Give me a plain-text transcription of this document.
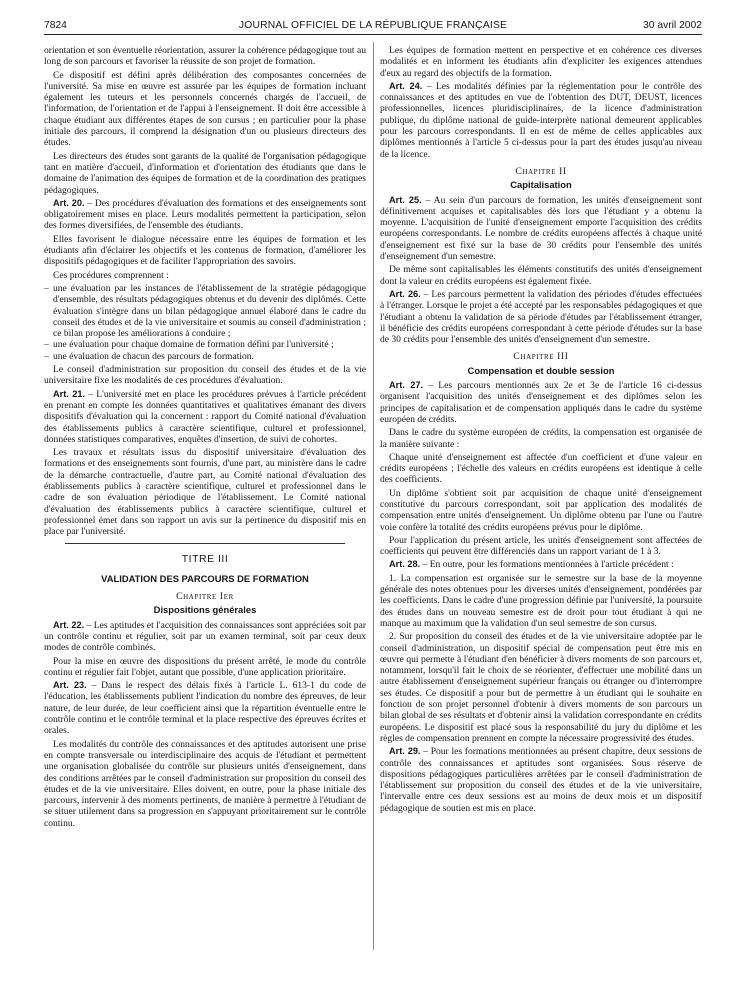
7824	JOURNAL OFFICIEL DE LA RÉPUBLIQUE FRANÇAISE	30 avril 2002

orientation et son éventuelle réorientation, assurer la cohérence pédagogique tout au long de son parcours et favoriser la réussite de son projet de formation.

Ce dispositif est défini après délibération des composantes concernées de l'université. Sa mise en œuvre est assurée par les équipes de formation incluant également les tuteurs et les personnels concernés chargés de l'accueil, de l'information, de l'orientation et de l'appui à l'enseignement. Il doit être accessible à chaque étudiant aux différentes étapes de son cursus ; en particulier pour la phase initiale des parcours, il comprend la désignation d'un ou plusieurs directeurs des études.

Les directeurs des études sont garants de la qualité de l'organisation pédagogique tant en matière d'accueil, d'information et d'orientation des étudiants que dans le domaine de l'animation des équipes de formation et de la coordination des pratiques pédagogiques.

Art. 20. – Des procédures d'évaluation des formations et des enseignements sont obligatoirement mises en place. Leurs modalités permettent la participation, selon des formes diversifiées, de l'ensemble des étudiants.

Elles favorisent le dialogue nécessaire entre les équipes de formation et les étudiants afin d'éclairer les objectifs et les contenus de formation, d'améliorer les dispositifs pédagogiques et de faciliter l'appropriation des savoirs.

Ces procédures comprennent :

– une évaluation par les instances de l'établissement de la stratégie pédagogique d'ensemble, des résultats pédagogiques obtenus et du devenir des diplômés. Cette évaluation s'intègre dans un bilan pédagogique annuel élaboré dans le cadre du conseil des études et de la vie universitaire et soumis au conseil d'administration ; ce bilan propose les améliorations à conduire ;
– une évaluation pour chaque domaine de formation défini par l'université ;
– une évaluation de chacun des parcours de formation.

Le conseil d'administration sur proposition du conseil des études et de la vie universitaire fixe les modalités de ces procédures d'évaluation.

Art. 21. – L'université met en place les procédures prévues à l'article précédent en prenant en compte les données quantitatives et qualitatives émanant des divers dispositifs d'évaluation qui la concernent : rapport du Comité national d'évaluation des établissements publics à caractère scientifique, culturel et professionnel, données statistiques comparatives, enquêtes d'insertion, de suivi de cohortes.

Les travaux et résultats issus du dispositif universitaire d'évaluation des formations et des enseignements sont fournis, d'une part, au ministère dans le cadre de la démarche contractuelle, d'autre part, au Comité national d'évaluation des établissements publics à caractère scientifique, culturel et professionnel dans le cadre de son évaluation périodique de l'établissement. Le Comité national d'évaluation des établissements publics à caractère scientifique, culturel et professionnel émet dans son rapport un avis sur la pertinence du dispositif mis en place par l'université.

TITRE III
VALIDATION DES PARCOURS DE FORMATION
Chapitre Ier
Dispositions générales

Art. 22. – Les aptitudes et l'acquisition des connaissances sont appréciées soit par un contrôle continu et régulier, soit par un examen terminal, soit par ceux deux modes de contrôle combinés.

Pour la mise en œuvre des dispositions du présent arrêté, le mode du contrôle continu et régulier fait l'objet, autant que possible, d'une application prioritaire.

Art. 23. – Dans le respect des délais fixés à l'article L. 613-1 du code de l'éducation, les établissements publient l'indication du nombre des épreuves, de leur nature, de leur durée, de leur coefficient ainsi que la répartition éventuelle entre le contrôle continu et le contrôle terminal et la place respective des épreuves écrites et orales.

Les modalités du contrôle des connaissances et des aptitudes autorisent une prise en compte transversale ou interdisciplinaire des acquis de l'étudiant et permettent une organisation globalisée du contrôle sur plusieurs unités d'enseignement, dans des conditions arrêtées par le conseil d'administration sur proposition du conseil des études et de la vie universitaire. Elles doivent, en outre, pour la phase initiale des parcours, intervenir à des moments pertinents, de manière à permettre à l'étudiant de se situer utilement dans sa progression en s'appuyant prioritairement sur le contrôle continu.

Les équipes de formation mettent en perspective et en cohérence ces diverses modalités et en informent les étudiants afin d'expliciter les exigences attendues d'eux au regard des objectifs de la formation.

Art. 24. – Les modalités définies par la réglementation pour le contrôle des connaissances et des aptitudes en vue de l'obtention des DUT, DEUST, licences professionnelles, licences pluridisciplinaires, de la licence d'administration publique, du diplôme national de guide-interprète national demeurent applicables pour les parcours correspondants. Il en est de même de celles applicables aux diplômes mentionnés à l'article 5 ci-dessus pour la part des études jusqu'au niveau de la licence.

Chapitre II
Capitalisation

Art. 25. – Au sein d'un parcours de formation, les unités d'enseignement sont définitivement acquises et capitalisables dès lors que l'étudiant y a obtenu la moyenne. L'acquisition de l'unité d'enseignement emporte l'acquisition des crédits européens correspondants. Le nombre de crédits européens affectés à chaque unité d'enseignement est fixé sur la base de 30 crédits pour l'ensemble des unités d'enseignement d'un semestre.

De même sont capitalisables les éléments constitutifs des unités d'enseignement dont la valeur en crédits européens est également fixée.

Art. 26. – Les parcours permettent la validation des périodes d'études effectuées à l'étranger. Lorsque le projet a été accepté par les responsables pédagogiques et que l'étudiant a obtenu la validation de sa période d'études par l'établissement étranger, il bénéficie des crédits européens correspondant à cette période d'études sur la base de 30 crédits pour l'ensemble des unités d'enseignement d'un semestre.

Chapitre III
Compensation et double session

Art. 27. – Les parcours mentionnés aux 2e et 3e de l'article 16 ci-dessus organisent l'acquisition des unités d'enseignement et des diplômes selon les principes de capitalisation et de compensation appliqués dans le cadre du système européen de crédits.

Dans le cadre du système européen de crédits, la compensation est organisée de la manière suivante :

Chaque unité d'enseignement est affectée d'un coefficient et d'une valeur en crédits européens ; l'échelle des valeurs en crédits européens est identique à celle des coefficients.

Un diplôme s'obtient soit par acquisition de chaque unité d'enseignement constitutive du parcours correspondant, soit par application des modalités de compensation entre unités d'enseignement. Un diplôme obtenu par l'une ou l'autre voie confère la totalité des crédits européens prévus pour le diplôme.

Pour l'application du présent article, les unités d'enseignement sont affectées de coefficients qui peuvent être différenciés dans un rapport variant de 1 à 3.

Art. 28. – En outre, pour les formations mentionnées à l'article précédent :

1. La compensation est organisée sur le semestre sur la base de la moyenne générale des notes obtenues pour les diverses unités d'enseignement, pondérées par les coefficients. Dans le cadre d'une progression définie par l'université, la poursuite des études dans un nouveau semestre est de droit pour tout étudiant à qui ne manque au maximum que la validation d'un seul semestre de son cursus.

2. Sur proposition du conseil des études et de la vie universitaire adoptée par le conseil d'administration, un dispositif spécial de compensation peut être mis en œuvre qui permette à l'étudiant d'en bénéficier à divers moments de son parcours et, notamment, lorsqu'il fait le choix de se réorienter, d'effectuer une mobilité dans un autre établissement d'enseignement supérieur français ou étranger ou d'interrompre ses études. Ce dispositif a pour but de permettre à un étudiant qui le souhaite en fonction de son projet personnel d'obtenir à divers moments de son parcours un bilan global de ses résultats et d'obtenir ainsi la validation correspondante en crédits européens. Le dispositif est placé sous la responsabilité du jury du diplôme et les règles de compensation prennent en compte la nécessaire progressivité des études.

Art. 29. – Pour les formations mentionnées au présent chapitre, deux sessions de contrôle des connaissances et aptitudes sont organisées. Sous réserve de dispositions pédagogiques particulières arrêtées par le conseil d'administration de l'établissement sur proposition du conseil des études et de la vie universitaire, l'intervalle entre ces deux sessions est au moins de deux mois et un dispositif pédagogique de soutien est mis en place.
